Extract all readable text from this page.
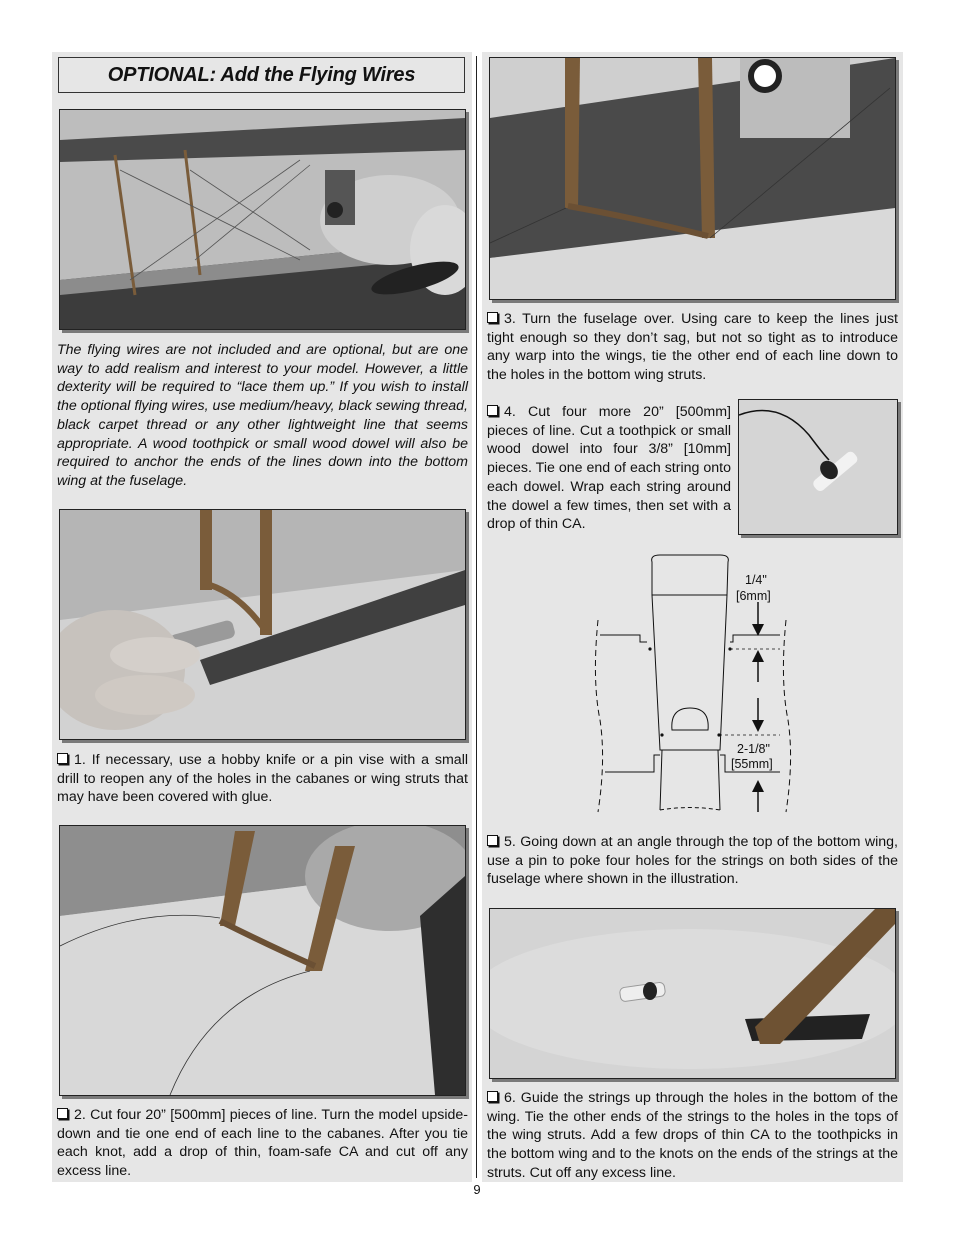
OPTIONAL: Add the Flying Wires
The flying wires are not included and are optional, but are one way to add realism and interest to your model. However, a little dexterity will be required to “lace them up.” If you wish to install the optional flying wires, use medium/heavy, black sewing thread, black carpet thread or any other lightweight line that seems appropriate. A wood toothpick or small wood dowel will also be required to anchor the ends of the lines down into the bottom wing at the fuselage.
1. If necessary, use a hobby knife or a pin vise with a small drill to reopen any of the holes in the cabanes or wing struts that may have been covered with glue.
2. Cut four 20” [500mm] pieces of line. Turn the model upside-down and tie one end of each line to the cabanes. After you tie each knot, add a drop of thin, foam-safe CA and cut off any excess line.
3. Turn the fuselage over. Using care to keep the lines just tight enough so they don’t sag, but not so tight as to introduce any warp into the wings, tie the other end of each line down to the holes in the bottom wing struts.
4. Cut four more 20” [500mm] pieces of line. Cut a toothpick or small wood dowel into four 3/8” [10mm] pieces. Tie one end of each string onto each dowel. Wrap each string around the dowel a few times, then set with a drop of thin CA.
1/4"
[6mm]
2-1/8"
[55mm]
5. Going down at an angle through the top of the bottom wing, use a pin to poke four holes for the strings on both sides of the fuselage where shown in the illustration.
6. Guide the strings up through the holes in the bottom of the wing. Tie the other ends of the strings to the holes in the tops of the wing struts. Add a few drops of thin CA to the toothpicks in the bottom wing and to the knots on the ends of the strings at the struts. Cut off any excess line.
9
